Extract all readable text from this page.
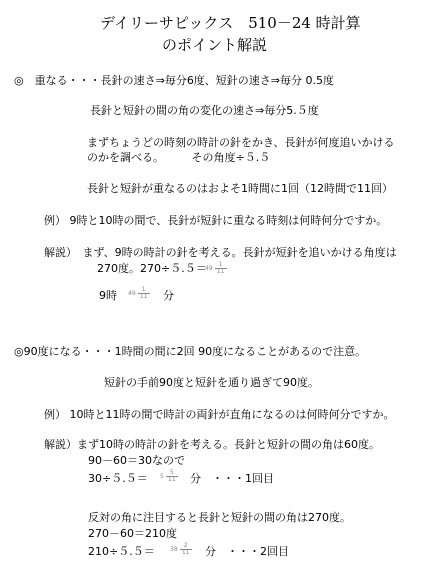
デイリーサピックス　510－24 時計算
のポイント解説
◎　重なる・・・長針の速さ⇒毎分6度、短針の速さ⇒毎分 0.5度
長針と短針の間の角の変化の速さ⇒毎分5.５度
まずちょうどの時刻の時計の針をかき、長針が何度追いかける
のかを調べる。　　　その角度÷５.５
長針と短針が重なるのはおよそ1時間に1回（12時間で11回）
例） 9時と10時の間で、長針が短針に重なる時刻は何時何分ですか。
解説）　まず、9時の時計の針を考える。長針が短針を追いかける角度は
270度。270÷５.５＝
$49 \frac{1}{11}$
9時 $49 \frac{1}{11}$ 分
◎90度になる・・・1時間の間に2回 90度になることがあるので注意。
短針の手前90度と短針を通り過ぎて90度。
例） 10時と11時の間で時計の両針が直角になるのは何時何分ですか。
解説）まず10時の時計の針を考える。長針と短針の間の角は60度。
90－60＝30なので
$30\div 5.5= 5 \frac{5}{11}$ 分　・・・1回目
反対の角に注目すると長針と短針の間の角は270度。
270－60＝210度
210÷５.５＝	$38 \frac{2}{11}$ 分　・・・2回目
